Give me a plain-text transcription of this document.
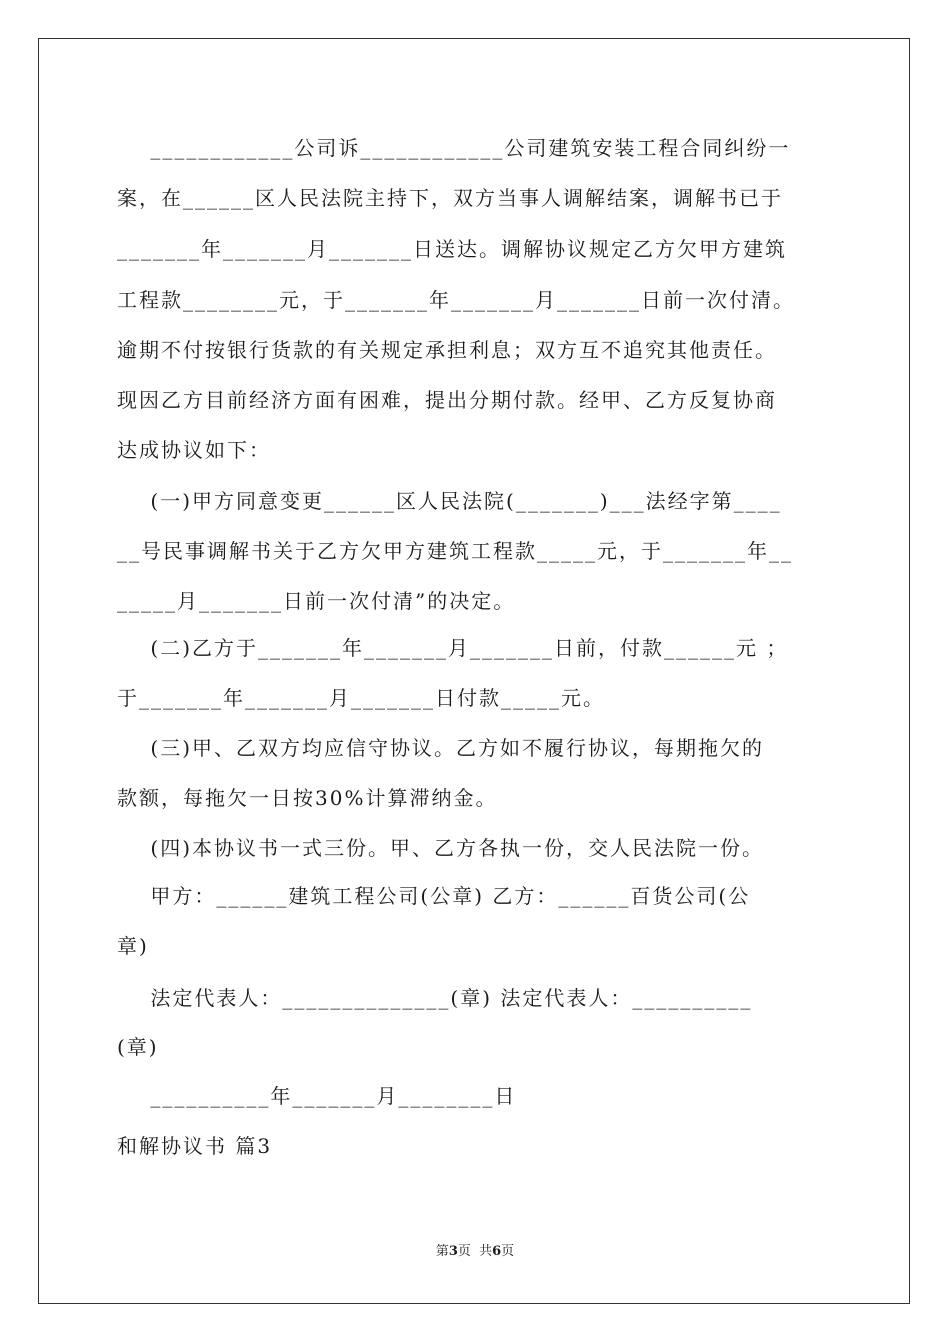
____________公司诉____________公司建筑安装工程合同纠纷一
案，在______区人民法院主持下，双方当事人调解结案，调解书已于
_______年_______月_______日送达。调解协议规定乙方欠甲方建筑
工程款________元，于_______年_______月_______日前一次付清。
逾期不付按银行货款的有关规定承担利息；双方互不追究其他责任。
现因乙方目前经济方面有困难，提出分期付款。经甲、乙方反复协商
达成协议如下：
(一)甲方同意变更______区人民法院(_______)___法经字第____
__号民事调解书关于乙方欠甲方建筑工程款_____元，于_______年__
_____月_______日前一次付清”的决定。
(二)乙方于_______年_______月_______日前，付款______元 ；
于_______年_______月_______日付款_____元。
(三)甲、乙双方均应信守协议。乙方如不履行协议，每期拖欠的
款额，每拖欠一日按30%计算滞纳金。
(四)本协议书一式三份。甲、乙方各执一份，交人民法院一份。
甲方：______建筑工程公司(公章) 乙方：______百货公司(公
章)
法定代表人：______________(章) 法定代表人：__________
(章)
__________年_______月________日
和解协议书 篇3
第3页  共6页
